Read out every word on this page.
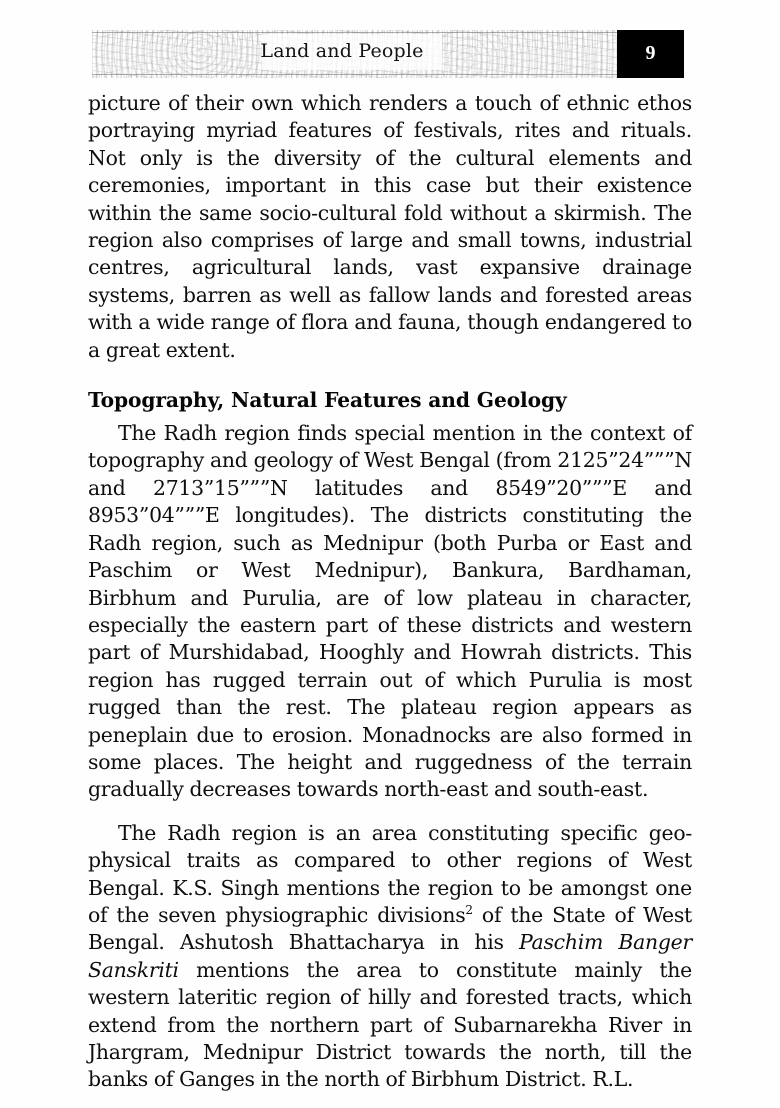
Land and People	9

picture of their own which renders a touch of ethnic ethos portraying myriad features of festivals, rites and rituals. Not only is the diversity of the cultural elements and ceremonies, important in this case but their existence within the same socio-cultural fold without a skirmish. The region also comprises of large and small towns, industrial centres, agricultural lands, vast expansive drainage systems, barren as well as fallow lands and forested areas with a wide range of flora and fauna, though endangered to a great extent.

Topography, Natural Features and Geology

The Radh region finds special mention in the context of topography and geology of West Bengal (from 2125”24”””N and 2713”15”””N latitudes and 8549”20”””E and 8953”04”””E longitudes). The districts constituting the Radh region, such as Mednipur (both Purba or East and Paschim or West Mednipur), Bankura, Bardhaman, Birbhum and Purulia, are of low plateau in character, especially the eastern part of these districts and western part of Murshidabad, Hooghly and Howrah districts. This region has rugged terrain out of which Purulia is most rugged than the rest. The plateau region appears as peneplain due to erosion. Monadnocks are also formed in some places. The height and ruggedness of the terrain gradually decreases towards north-east and south-east.

The Radh region is an area constituting specific geo-physical traits as compared to other regions of West Bengal. K.S. Singh mentions the region to be amongst one of the seven physiographic divisions$^2$ of the State of West Bengal. Ashutosh Bhattacharya in his Paschim Banger Sanskriti mentions the area to constitute mainly the western lateritic region of hilly and forested tracts, which extend from the northern part of Subarnarekha River in Jhargram, Mednipur District towards the north, till the banks of Ganges in the north of Birbhum District. R.L.
